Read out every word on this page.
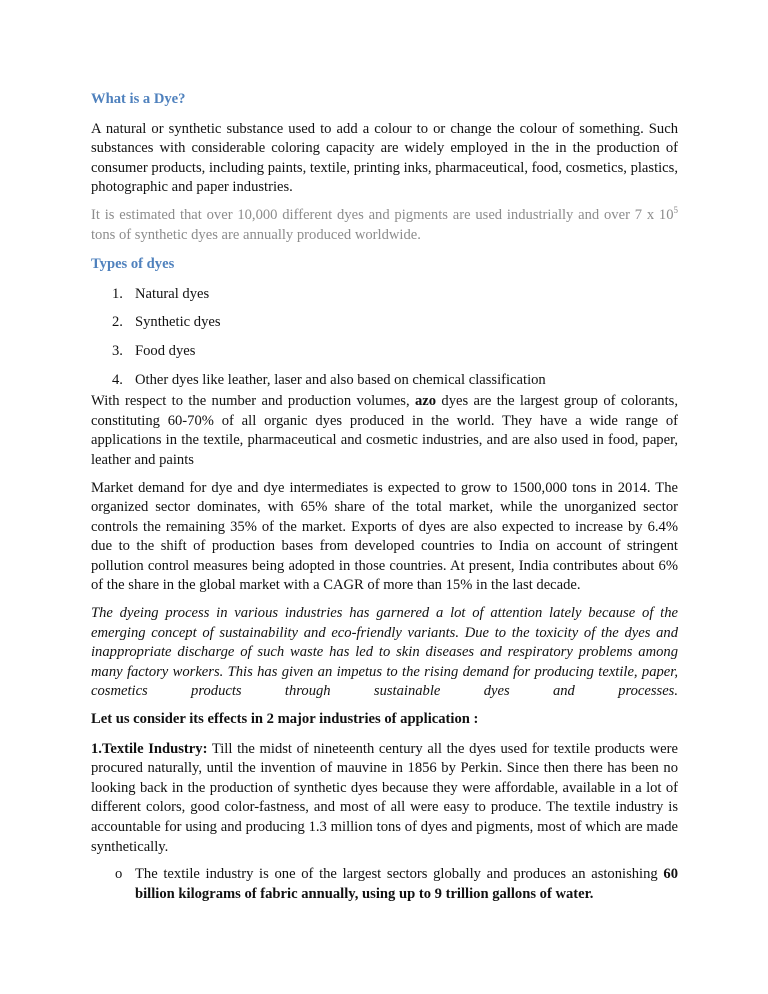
What is a Dye?

A natural or synthetic substance used to add a colour to or change the colour of something. Such substances with considerable coloring capacity are widely employed in the in the production of consumer products, including paints, textile, printing inks, pharmaceutical, food, cosmetics, plastics, photographic and paper industries.

It is estimated that over 10,000 different dyes and pigments are used industrially and over 7 x $10^5$ tons of synthetic dyes are annually produced worldwide.

Types of dyes
1. Natural dyes
2. Synthetic dyes
3. Food dyes
4. Other dyes like leather, laser and also based on chemical classification

With respect to the number and production volumes, azo dyes are the largest group of colorants, constituting 60-70% of all organic dyes produced in the world. They have a wide range of applications in the textile, pharmaceutical and cosmetic industries, and are also used in food, paper, leather and paints

Market demand for dye and dye intermediates is expected to grow to 1500,000 tons in 2014. The organized sector dominates, with 65% share of the total market, while the unorganized sector controls the remaining 35% of the market. Exports of dyes are also expected to increase by 6.4% due to the shift of production bases from developed countries to India on account of stringent pollution control measures being adopted in those countries. At present, India contributes about 6% of the share in the global market with a CAGR of more than 15% in the last decade.

The dyeing process in various industries has garnered a lot of attention lately because of the emerging concept of sustainability and eco-friendly variants. Due to the toxicity of the dyes and inappropriate discharge of such waste has led to skin diseases and respiratory problems among many factory workers. This has given an impetus to the rising demand for producing textile, paper, cosmetics products through sustainable dyes and processes.

Let us consider its effects in 2 major industries of application :

1.Textile Industry: Till the midst of nineteenth century all the dyes used for textile products were procured naturally, until the invention of mauvine in 1856 by Perkin. Since then there has been no looking back in the production of synthetic dyes because they were affordable, available in a lot of different colors, good color-fastness, and most of all were easy to produce. The textile industry is accountable for using and producing 1.3 million tons of dyes and pigments, most of which are made synthetically.

o The textile industry is one of the largest sectors globally and produces an astonishing 60 billion kilograms of fabric annually, using up to 9 trillion gallons of water.
